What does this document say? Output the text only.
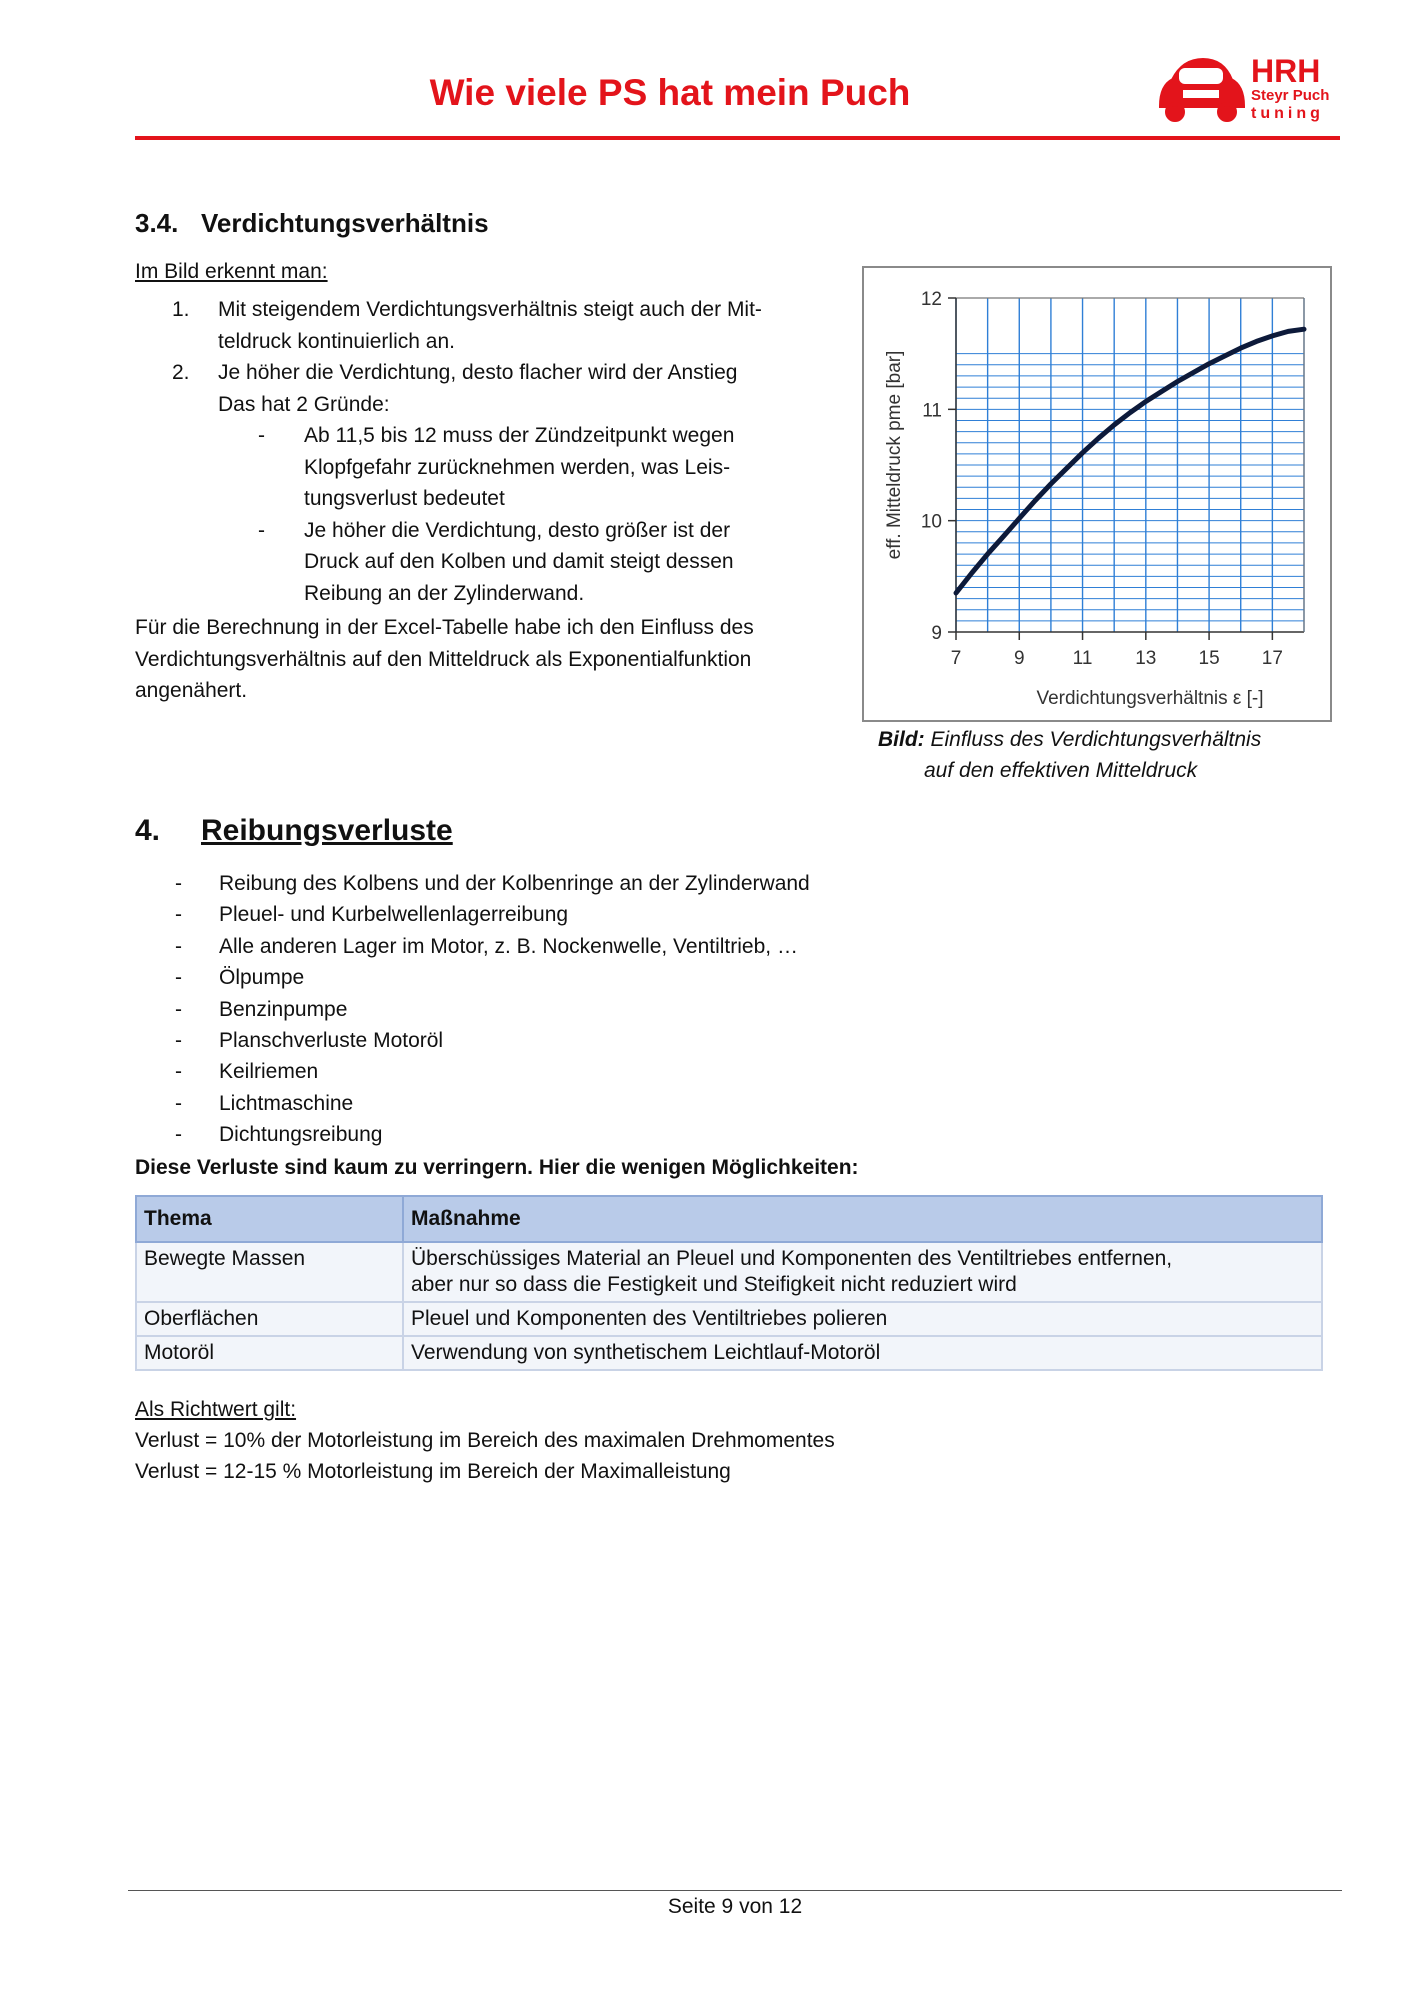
Wie viele PS hat mein Puch
HRH
Steyr Puch
tuning
3.4. Verdichtungsverhältnis
Im Bild erkennt man:
1.	Mit steigendem Verdichtungsverhältnis steigt auch der Mit-
teldruck kontinuierlich an.
2.	Je höher die Verdichtung, desto flacher wird der Anstieg
Das hat 2 Gründe:
-	Ab 11,5 bis 12 muss der Zündzeitpunkt wegen
Klopfgefahr zurücknehmen werden, was Leis-
tungsverlust bedeutet
-	Je höher die Verdichtung, desto größer ist der
Druck auf den Kolben und damit steigt dessen
Reibung an der Zylinderwand.
Für die Berechnung in der Excel-Tabelle habe ich den Einfluss des
Verdichtungsverhältnis auf den Mitteldruck als Exponentialfunktion
angenähert.
9
10
11
12
7	9	11 13 15 17
Verdichtungsverhältnis ε [-]
eff. Mitteldruck pme [bar]
Bild: Einfluss des Verdichtungsverhältnis
auf den effektiven Mitteldruck
4. Reibungsverluste
-	Reibung des Kolbens und der Kolbenringe an der Zylinderwand
-	Pleuel- und Kurbelwellenlagerreibung
-	Alle anderen Lager im Motor, z. B. Nockenwelle, Ventiltrieb, …
-	Ölpumpe
-	Benzinpumpe
-	Planschverluste Motoröl
-	Keilriemen
-	Lichtmaschine
-	Dichtungsreibung
Diese Verluste sind kaum zu verringern. Hier die wenigen Möglichkeiten:
Thema	Maßnahme
Bewegte Massen	Überschüssiges Material an Pleuel und Komponenten des Ventiltriebes entfernen,
aber nur so dass die Festigkeit und Steifigkeit nicht reduziert wird
Oberflächen	Pleuel und Komponenten des Ventiltriebes polieren
Motoröl	Verwendung von synthetischem Leichtlauf-Motoröl
Als Richtwert gilt:
Verlust = 10% der Motorleistung im Bereich des maximalen Drehmomentes
Verlust = 12-15 % Motorleistung im Bereich der Maximalleistung
Seite 9 von 12
